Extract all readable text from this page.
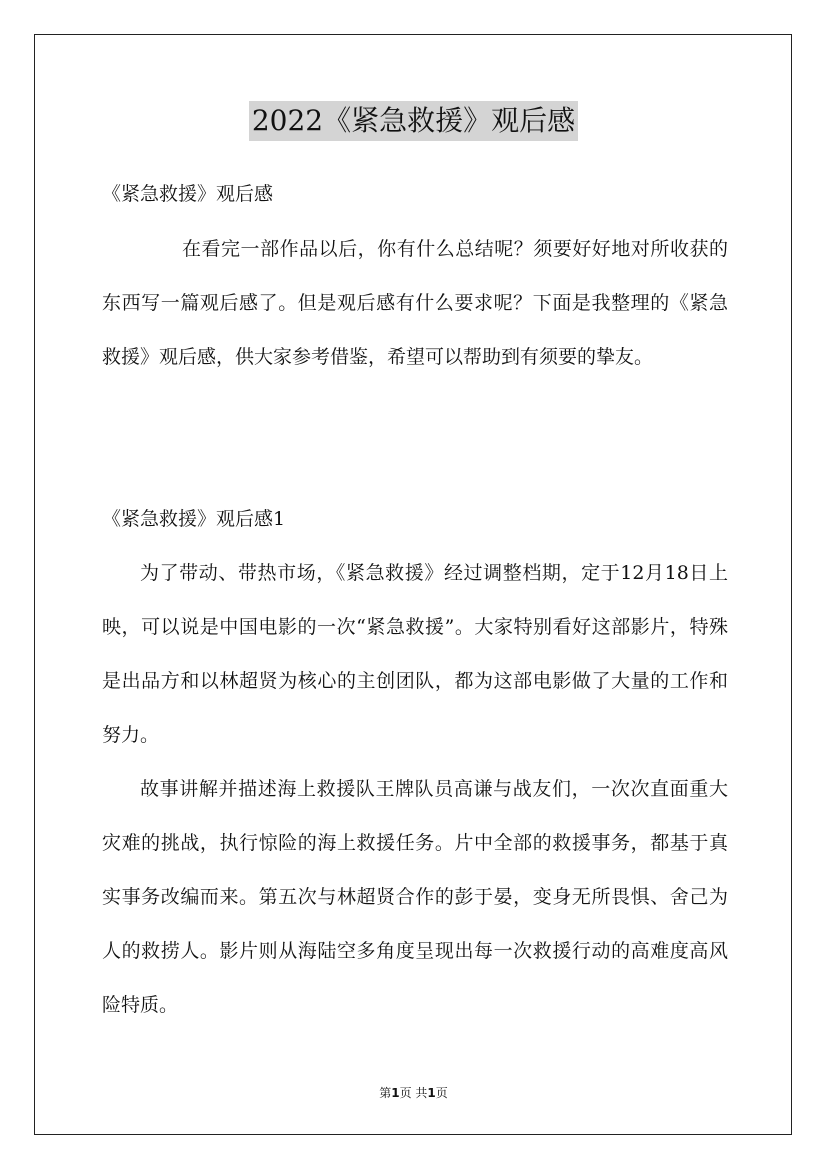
2022《紧急救援》观后感
《紧急救援》观后感
在看完一部作品以后，你有什么总结呢？须要好好地对所收获的东西写一篇观后感了。但是观后感有什么要求呢？下面是我整理的《紧急救援》观后感，供大家参考借鉴，希望可以帮助到有须要的挚友。
《紧急救援》观后感1
为了带动、带热市场，《紧急救援》经过调整档期，定于12月18日上映，可以说是中国电影的一次“紧急救援”。大家特别看好这部影片，特殊是出品方和以林超贤为核心的主创团队，都为这部电影做了大量的工作和努力。
故事讲解并描述海上救援队王牌队员高谦与战友们，一次次直面重大灾难的挑战，执行惊险的海上救援任务。片中全部的救援事务，都基于真实事务改编而来。第五次与林超贤合作的彭于晏，变身无所畏惧、舍己为人的救捞人。影片则从海陆空多角度呈现出每一次救援行动的高难度高风险特质。
第1页 共1页
